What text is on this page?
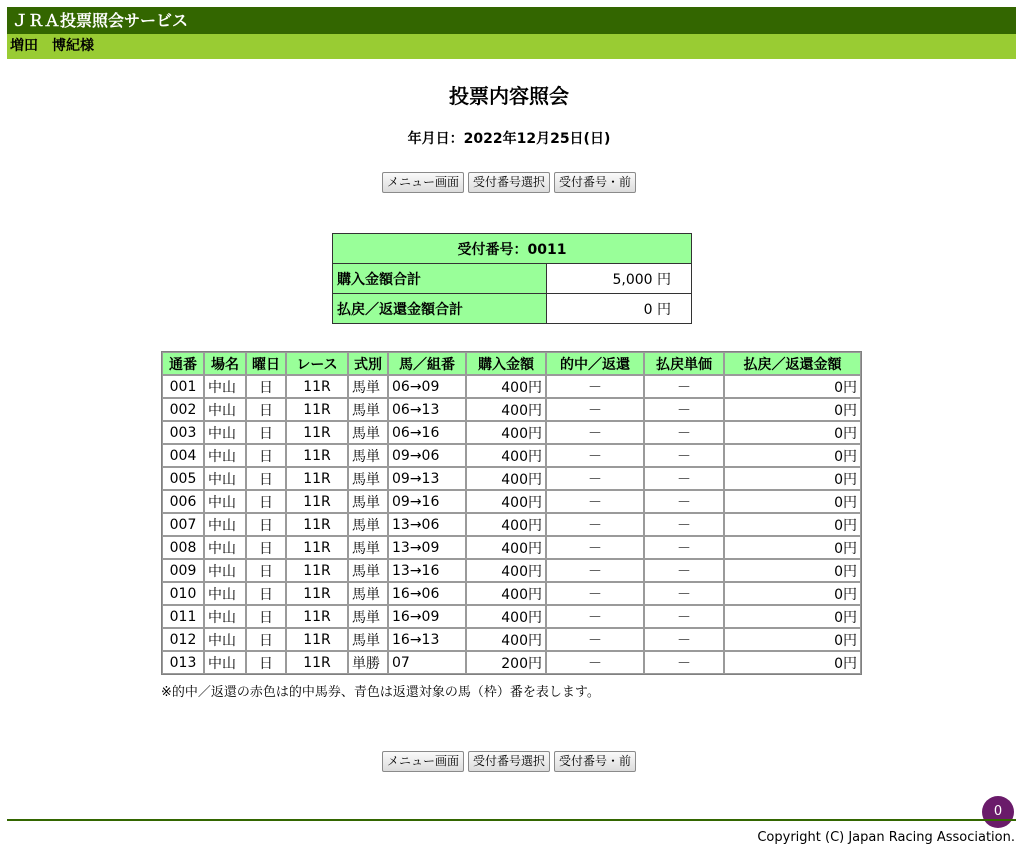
ＪＲＡ投票照会サービス
増田　博紀様
投票内容照会
年月日：2022年12月25日(日)
メニュー画面 受付番号選択 受付番号・前
受付番号：0011	
購入金額合計	5,000 円
払戻／返還金額合計	0 円
通番	場名	曜日	レース	式別	馬／組番	購入金額	的中／返還	払戻単価	払戻／返還金額
001	中山	日	11R	馬単	06→09	400円	－	－	0円
002	中山	日	11R	馬単	06→13	400円	－	－	0円
003	中山	日	11R	馬単	06→16	400円	－	－	0円
004	中山	日	11R	馬単	09→06	400円	－	－	0円
005	中山	日	11R	馬単	09→13	400円	－	－	0円
006	中山	日	11R	馬単	09→16	400円	－	－	0円
007	中山	日	11R	馬単	13→06	400円	－	－	0円
008	中山	日	11R	馬単	13→09	400円	－	－	0円
009	中山	日	11R	馬単	13→16	400円	－	－	0円
010	中山	日	11R	馬単	16→06	400円	－	－	0円
011	中山	日	11R	馬単	16→09	400円	－	－	0円
012	中山	日	11R	馬単	16→13	400円	－	－	0円
013	中山	日	11R	単勝	07	200円	－	－	0円
※的中／返還の赤色は的中馬券、青色は返還対象の馬（枠）番を表します。
メニュー画面 受付番号選択 受付番号・前
0
Copyright (C) Japan Racing Association.
